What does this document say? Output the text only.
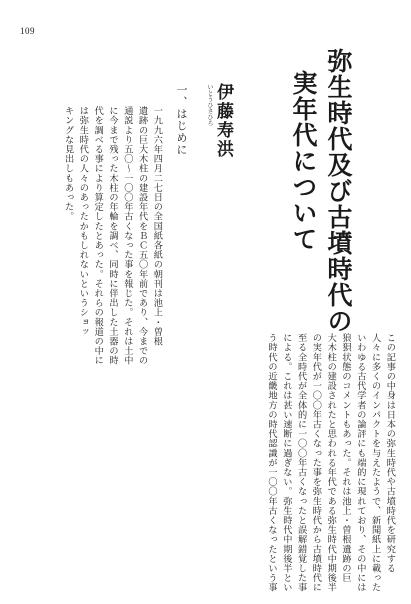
109
弥生時代及び古墳時代の
実年代について
いとうひさひろ 伊藤寿洪
一、はじめに
一九九六年四月二七日の全国紙各紙の朝刊は池上・曽根
遺跡の巨大木柱の建設年代をＢＣ五〇年前であり、今までの
通説より五〇～一〇〇年古くなった事を報じた。それは土中
に今まで残った木柱の年輪を調べ、同時に伴出した土器の時
代を調べる事により算定したとあった。それらの報道の中に
は弥生時代の人々のあったかもしれないというショッ
キングな見出しもあった。
この記事の中身は日本の弥生時代や古墳時代を研究する
人々に多くのインパクトを与えたようで、新聞紙上に載った
いわゆる古代学者の論評にも端的に現れており、その中には
狼狽状態のコメントもあった。それは池上・曽根遺跡の巨
大木柱の建設されたと思われる年代である弥生時代中期後半
の実年代が一〇〇年古くなった事を弥生時代から古墳時代に
至る全時代が全体的に一〇〇年古くなったと誤解錯覚した事
による。これは甚い速断に過ぎない。弥生時代中期後半とい
う時代の近畿地方の時代認識が一〇〇年古くなったという事
